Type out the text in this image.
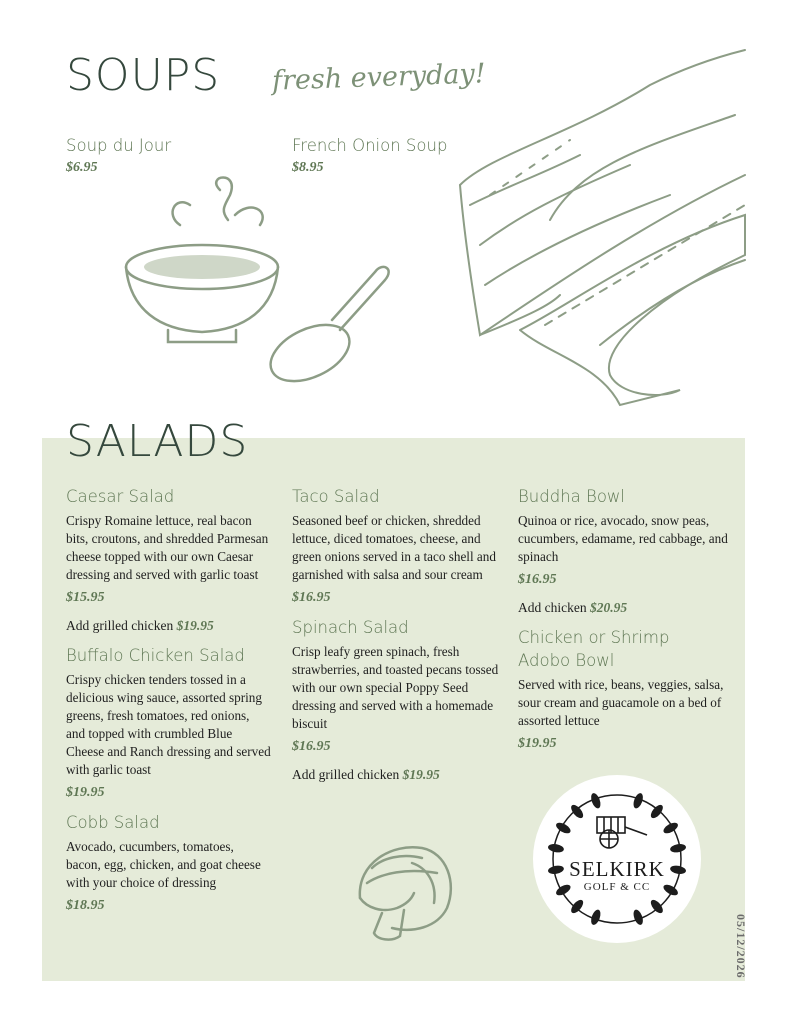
SOUPS fresh everyday!
Soup du Jour
$6.95
French Onion Soup
$8.95
SALADS
Caesar Salad
Crispy Romaine lettuce, real bacon bits, croutons, and shredded Parmesan cheese topped with our own Caesar dressing and served with garlic toast
$15.95
Add grilled chicken $19.95
Buffalo Chicken Salad
Crispy chicken tenders tossed in a delicious wing sauce, assorted spring greens, fresh tomatoes, red onions, and topped with crumbled Blue Cheese and Ranch dressing and served with garlic toast
$19.95
Cobb Salad
Avocado, cucumbers, tomatoes, bacon, egg, chicken, and goat cheese with your choice of dressing
$18.95
Taco Salad
Seasoned beef or chicken, shredded lettuce, diced tomatoes, cheese, and green onions served in a taco shell and garnished with salsa and sour cream
$16.95
Spinach Salad
Crisp leafy green spinach, fresh strawberries, and toasted pecans tossed with our own special Poppy Seed dressing and served with a homemade biscuit
$16.95
Add grilled chicken $19.95
Buddha Bowl
Quinoa or rice, avocado, snow peas, cucumbers, edamame, red cabbage, and spinach
$16.95
Add chicken $20.95
Chicken or Shrimp
Adobo Bowl
Served with rice, beans, veggies, salsa, sour cream and guacamole on a bed of assorted lettuce
$19.95
SELKIRK
GOLF & CC
05/12/2026
